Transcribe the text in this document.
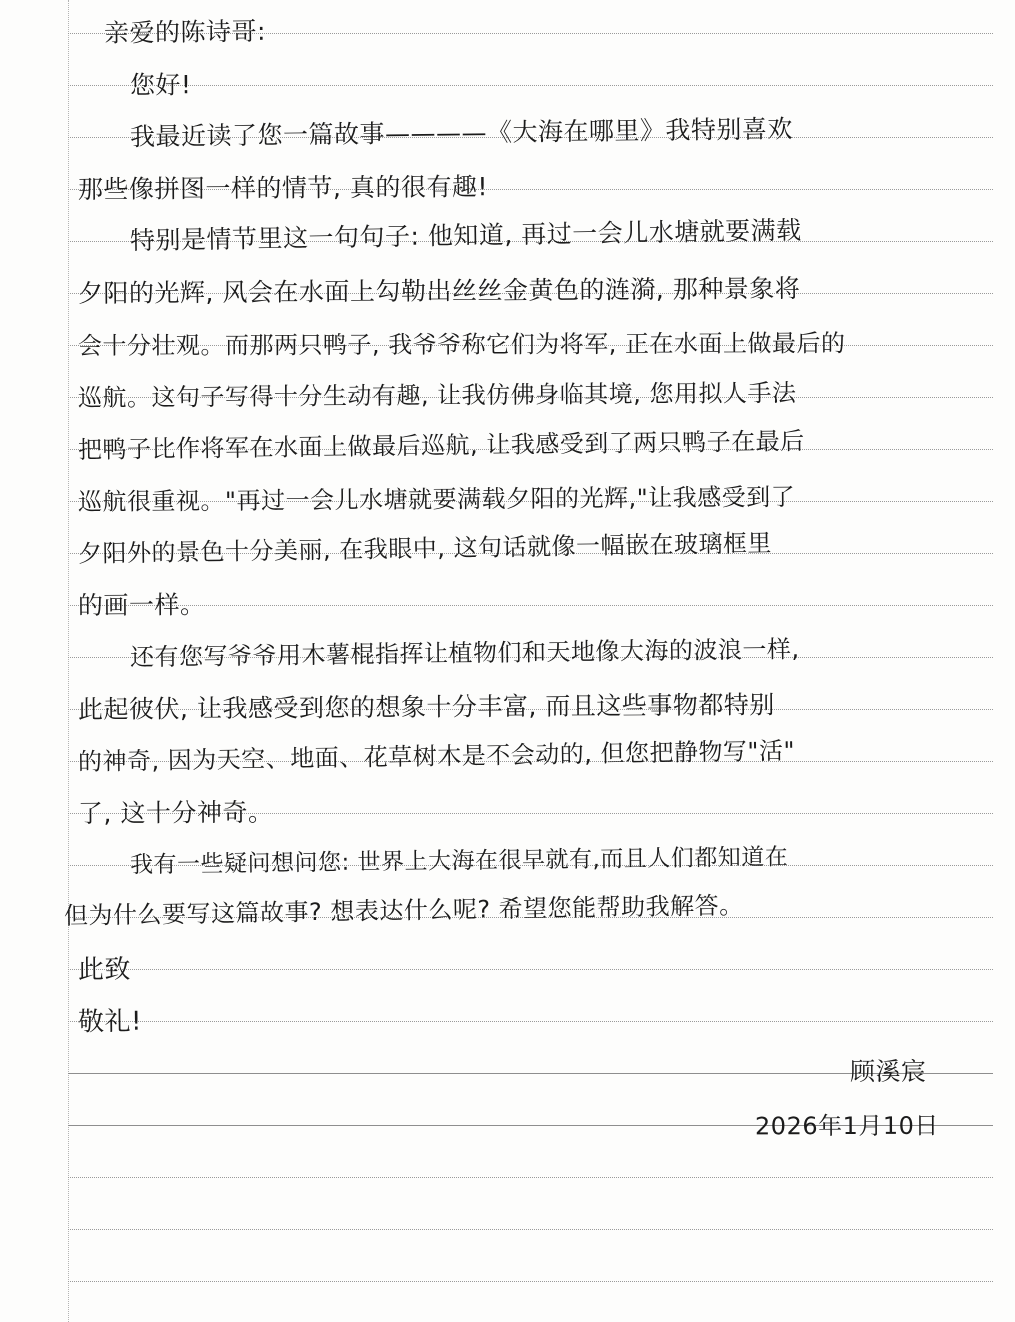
亲爱的陈诗哥:
您好!
我最近读了您一篇故事————《大海在哪里》我特别喜欢
那些像拼图一样的情节, 真的很有趣!
特别是情节里这一句句子: 他知道, 再过一会儿水塘就要满载
夕阳的光辉, 风会在水面上勾勒出丝丝金黄色的涟漪, 那种景象将
会十分壮观。而那两只鸭子, 我爷爷称它们为将军, 正在水面上做最后的
巡航。这句子写得十分生动有趣, 让我仿佛身临其境, 您用拟人手法
把鸭子比作将军在水面上做最后巡航, 让我感受到了两只鸭子在最后
巡航很重视。"再过一会儿水塘就要满载夕阳的光辉,"让我感受到了
夕阳外的景色十分美丽, 在我眼中, 这句话就像一幅嵌在玻璃框里
的画一样。
还有您写爷爷用木薯棍指挥让植物们和天地像大海的波浪一样,
此起彼伏, 让我感受到您的想象十分丰富, 而且这些事物都特别
的神奇, 因为天空、地面、花草树木是不会动的, 但您把静物写"活"
了, 这十分神奇。
我有一些疑问想问您: 世界上大海在很早就有,而且人们都知道在
但为什么要写这篇故事? 想表达什么呢? 希望您能帮助我解答。
此致
敬礼!
顾溪宸
2026年1月10日
